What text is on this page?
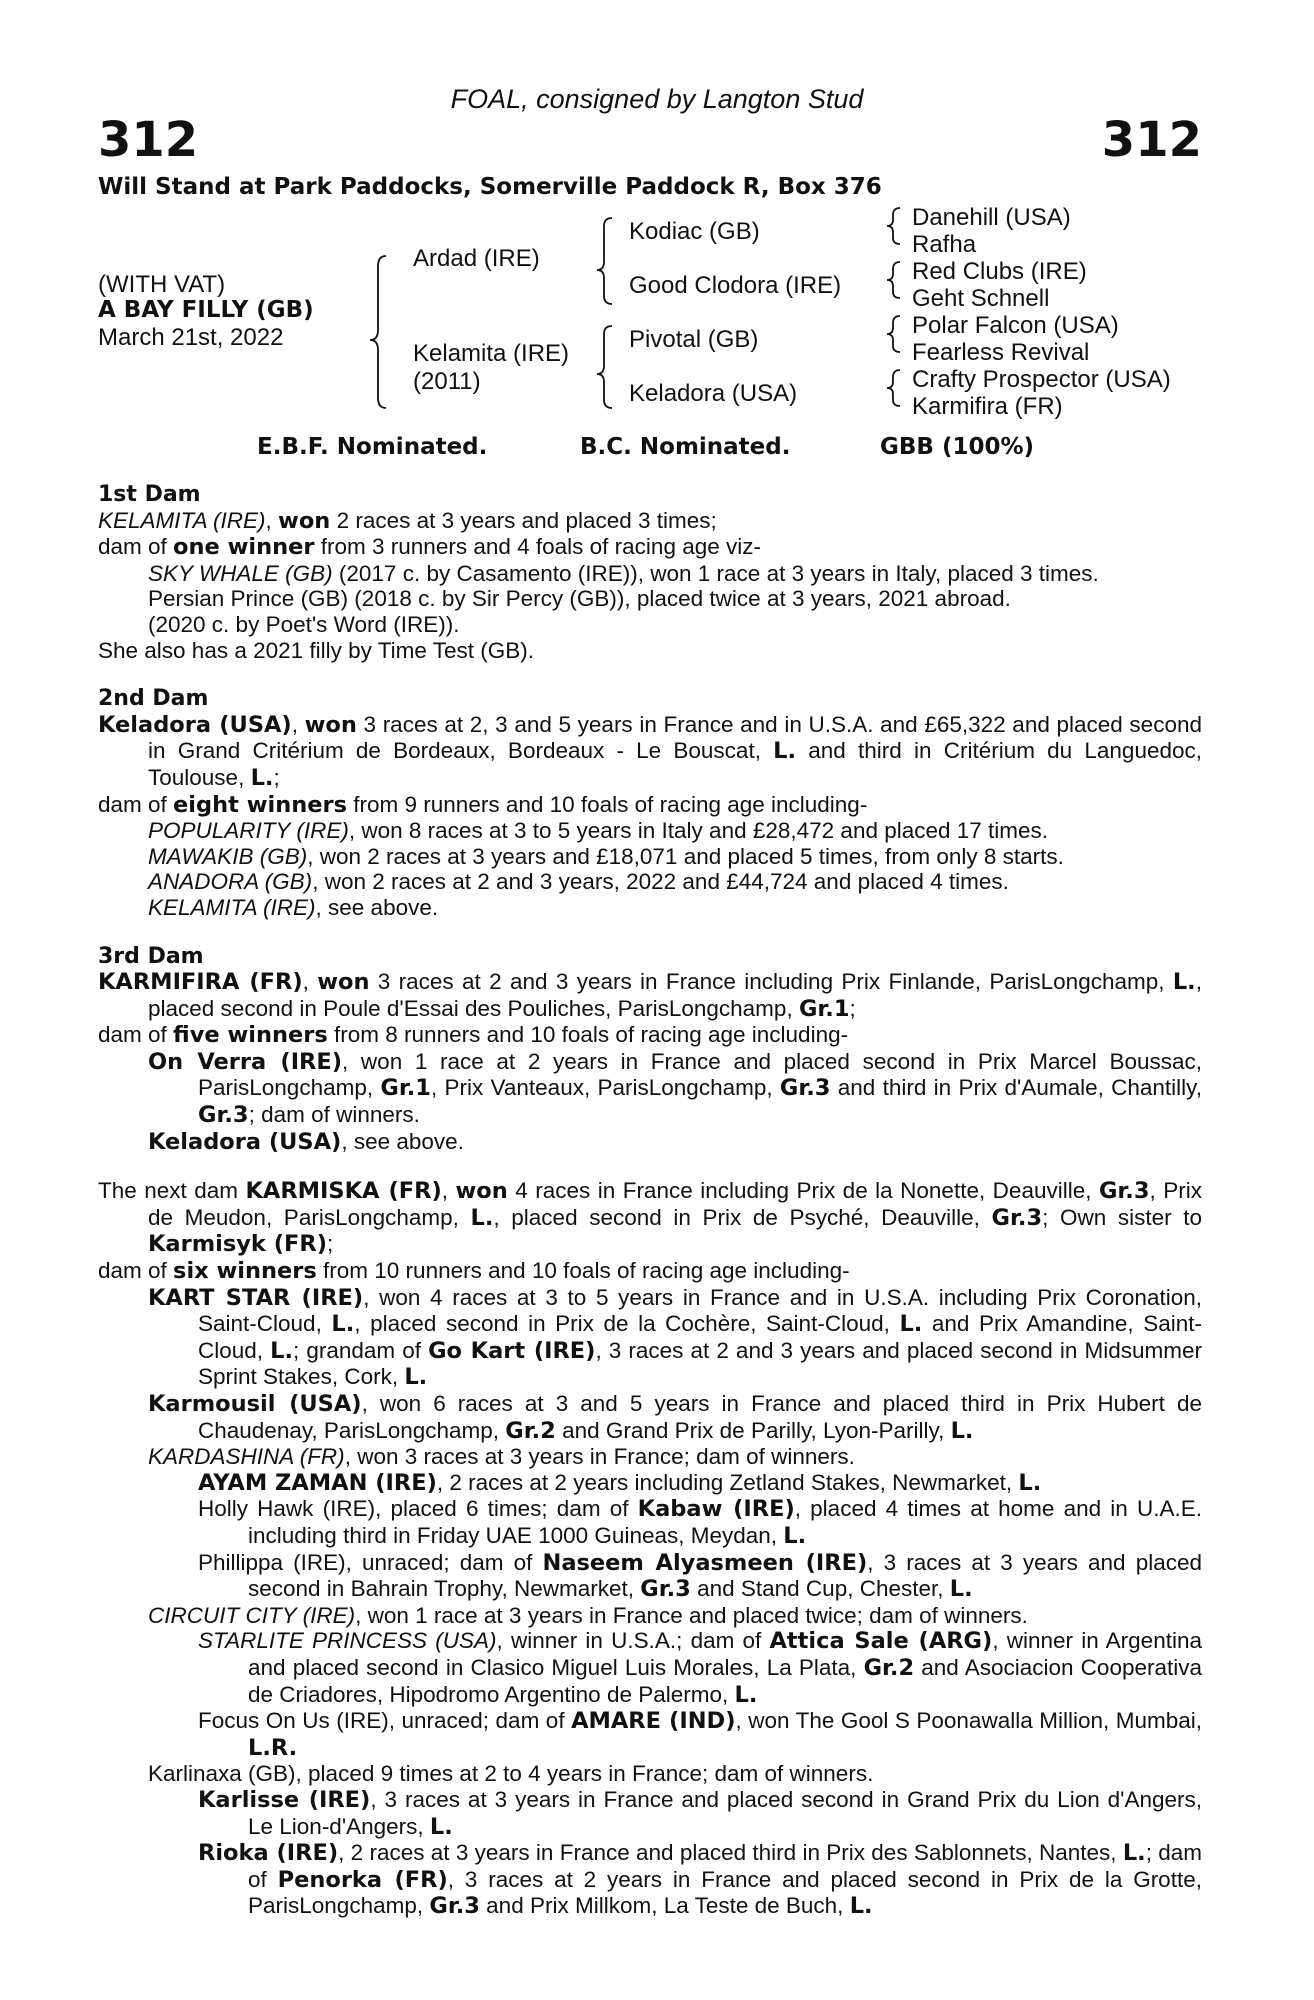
FOAL, consigned by Langton Stud
312	312
Will Stand at Park Paddocks, Somerville Paddock R, Box 376
(WITH VAT)
A BAY FILLY (GB)
March 21st, 2022
Ardad (IRE)
Kelamita (IRE)
(2011)
Kodiac (GB)
Good Clodora (IRE)
Pivotal (GB)
Keladora (USA)
Danehill (USA)
Rafha
Red Clubs (IRE)
Geht Schnell
Polar Falcon (USA)
Fearless Revival
Crafty Prospector (USA)
Karmifira (FR)
E.B.F. Nominated.	B.C. Nominated.	GBB (100%)

1st Dam

KELAMITA (IRE), won 2 races at 3 years and placed 3 times;

dam of one winner from 3 runners and 4 foals of racing age viz-

SKY WHALE (GB) (2017 c. by Casamento (IRE)), won 1 race at 3 years in Italy, placed 3 times.

Persian Prince (GB) (2018 c. by Sir Percy (GB)), placed twice at 3 years, 2021 abroad.

(2020 c. by Poet's Word (IRE)).

She also has a 2021 filly by Time Test (GB).

2nd Dam

Keladora (USA), won 3 races at 2, 3 and 5 years in France and in U.S.A. and £65,322 and placed second in Grand Critérium de Bordeaux, Bordeaux - Le Bouscat, L. and third in Critérium du Languedoc, Toulouse, L.;

dam of eight winners from 9 runners and 10 foals of racing age including-

POPULARITY (IRE), won 8 races at 3 to 5 years in Italy and £28,472 and placed 17 times.

MAWAKIB (GB), won 2 races at 3 years and £18,071 and placed 5 times, from only 8 starts.

ANADORA (GB), won 2 races at 2 and 3 years, 2022 and £44,724 and placed 4 times.

KELAMITA (IRE), see above.

3rd Dam

KARMIFIRA (FR), won 3 races at 2 and 3 years in France including Prix Finlande, ParisLongchamp, L., placed second in Poule d'Essai des Pouliches, ParisLongchamp, Gr.1;

dam of five winners from 8 runners and 10 foals of racing age including-

On Verra (IRE), won 1 race at 2 years in France and placed second in Prix Marcel Boussac, ParisLongchamp, Gr.1, Prix Vanteaux, ParisLongchamp, Gr.3 and third in Prix d'Aumale, Chantilly, Gr.3; dam of winners.

Keladora (USA), see above.

The next dam KARMISKA (FR), won 4 races in France including Prix de la Nonette, Deauville, Gr.3, Prix de Meudon, ParisLongchamp, L., placed second in Prix de Psyché, Deauville, Gr.3; Own sister to Karmisyk (FR);

dam of six winners from 10 runners and 10 foals of racing age including-

KART STAR (IRE), won 4 races at 3 to 5 years in France and in U.S.A. including Prix Coronation, Saint-Cloud, L., placed second in Prix de la Cochère, Saint-Cloud, L. and Prix Amandine, Saint-Cloud, L.; grandam of Go Kart (IRE), 3 races at 2 and 3 years and placed second in Midsummer Sprint Stakes, Cork, L.

Karmousil (USA), won 6 races at 3 and 5 years in France and placed third in Prix Hubert de Chaudenay, ParisLongchamp, Gr.2 and Grand Prix de Parilly, Lyon-Parilly, L.

KARDASHINA (FR), won 3 races at 3 years in France; dam of winners.

AYAM ZAMAN (IRE), 2 races at 2 years including Zetland Stakes, Newmarket, L.

Holly Hawk (IRE), placed 6 times; dam of Kabaw (IRE), placed 4 times at home and in U.A.E. including third in Friday UAE 1000 Guineas, Meydan, L.

Phillippa (IRE), unraced; dam of Naseem Alyasmeen (IRE), 3 races at 3 years and placed second in Bahrain Trophy, Newmarket, Gr.3 and Stand Cup, Chester, L.

CIRCUIT CITY (IRE), won 1 race at 3 years in France and placed twice; dam of winners.

STARLITE PRINCESS (USA), winner in U.S.A.; dam of Attica Sale (ARG), winner in Argentina and placed second in Clasico Miguel Luis Morales, La Plata, Gr.2 and Asociacion Cooperativa de Criadores, Hipodromo Argentino de Palermo, L.

Focus On Us (IRE), unraced; dam of AMARE (IND), won The Gool S Poonawalla Million, Mumbai, L.R.

Karlinaxa (GB), placed 9 times at 2 to 4 years in France; dam of winners.

Karlisse (IRE), 3 races at 3 years in France and placed second in Grand Prix du Lion d'Angers, Le Lion-d'Angers, L.

Rioka (IRE), 2 races at 3 years in France and placed third in Prix des Sablonnets, Nantes, L.; dam of Penorka (FR), 3 races at 2 years in France and placed second in Prix de la Grotte, ParisLongchamp, Gr.3 and Prix Millkom, La Teste de Buch, L.
